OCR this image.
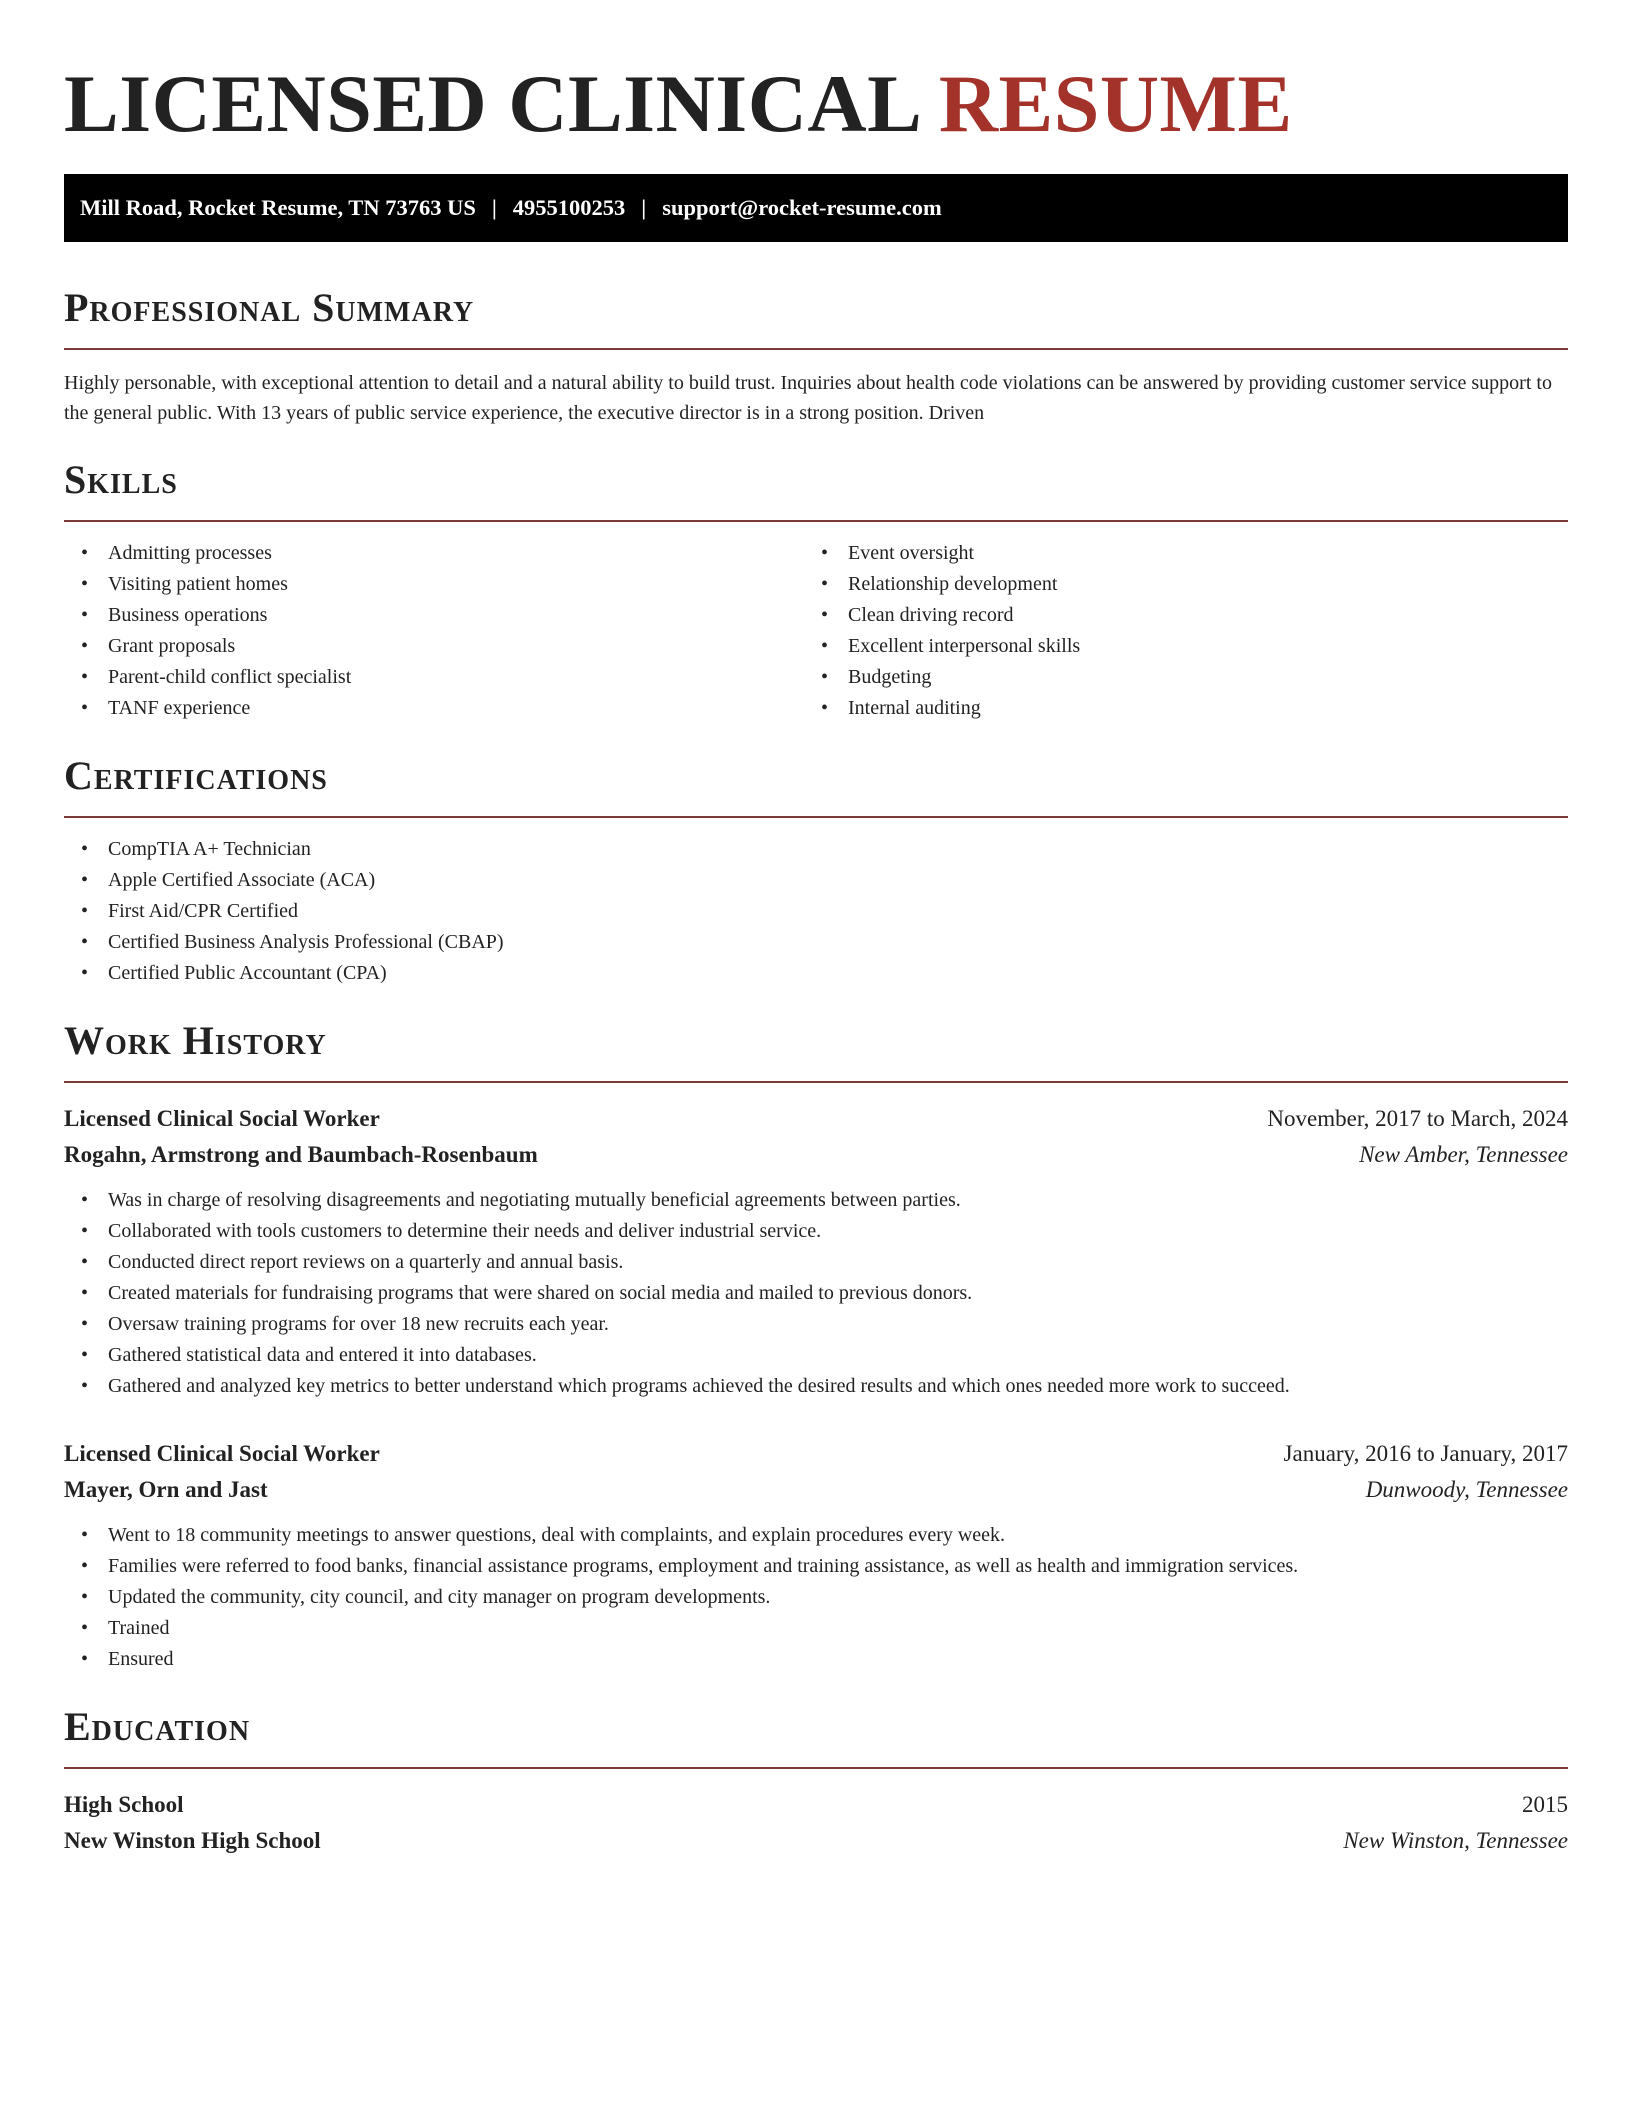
LICENSED CLINICAL RESUME
Mill Road, Rocket Resume, TN 73763 US | 4955100253 | support@rocket-resume.com
Professional Summary

Highly personable, with exceptional attention to detail and a natural ability to build trust. Inquiries about health code violations can be answered by providing customer service support to the general public. With 13 years of public service experience, the executive director is in a strong position. Driven

Skills
• Admitting processes
• Visiting patient homes
• Business operations
• Grant proposals
• Parent-child conflict specialist
• TANF experience
• Event oversight
• Relationship development
• Clean driving record
• Excellent interpersonal skills
• Budgeting
• Internal auditing
Certifications
• CompTIA A+ Technician
• Apple Certified Associate (ACA)
• First Aid/CPR Certified
• Certified Business Analysis Professional (CBAP)
• Certified Public Accountant (CPA)
Work History
Licensed Clinical Social Worker	November, 2017 to March, 2024
Rogahn, Armstrong and Baumbach-Rosenbaum	New Amber, Tennessee
• Was in charge of resolving disagreements and negotiating mutually beneficial agreements between parties.
• Collaborated with tools customers to determine their needs and deliver industrial service.
• Conducted direct report reviews on a quarterly and annual basis.
• Created materials for fundraising programs that were shared on social media and mailed to previous donors.
• Oversaw training programs for over 18 new recruits each year.
• Gathered statistical data and entered it into databases.
• Gathered and analyzed key metrics to better understand which programs achieved the desired results and which ones needed more work to succeed.
Licensed Clinical Social Worker	January, 2016 to January, 2017
Mayer, Orn and Jast	Dunwoody, Tennessee
• Went to 18 community meetings to answer questions, deal with complaints, and explain procedures every week.
• Families were referred to food banks, financial assistance programs, employment and training assistance, as well as health and immigration services.
• Updated the community, city council, and city manager on program developments.
• Trained
• Ensured
Education
High School	2015
New Winston High School	New Winston, Tennessee
